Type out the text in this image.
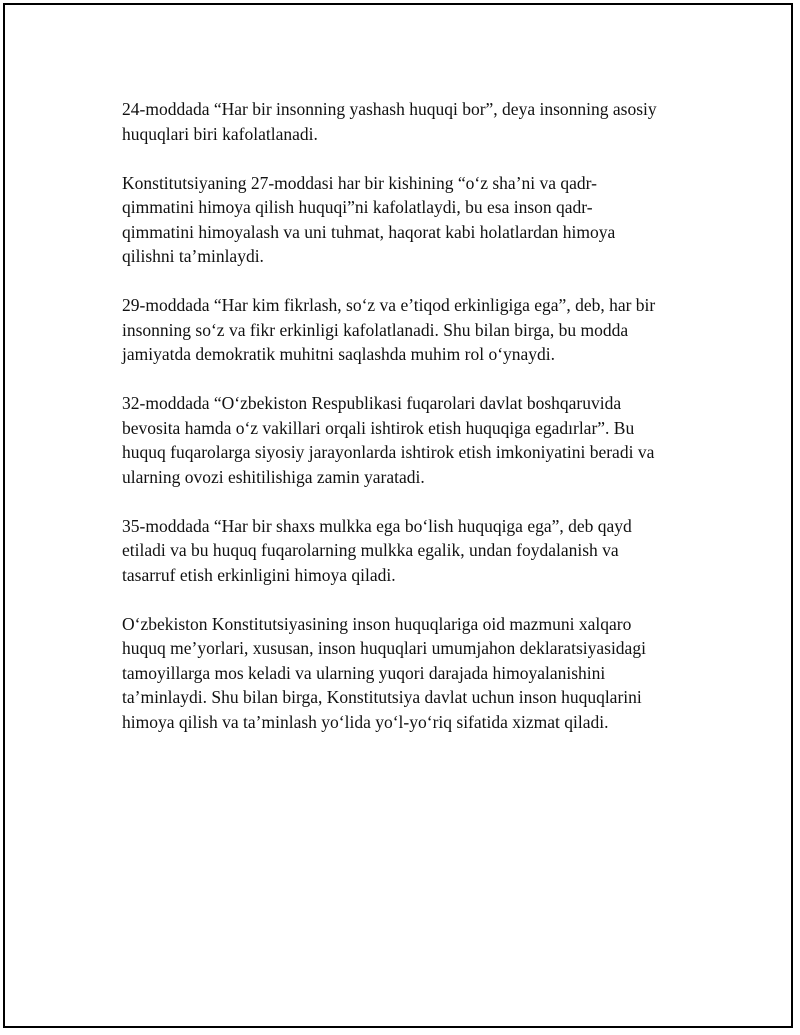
24-moddada “Har bir insonning yashash huquqi bor”, deya insonning asosiy
huquqlari biri kafolatlanadi.

Konstitutsiyaning 27-moddasi har bir kishining “o‘z sha’ni va qadr-
qimmatini himoya qilish huquqi”ni kafolatlaydi, bu esa inson qadr-
qimmatini himoyalash va uni tuhmat, haqorat kabi holatlardan himoya
qilishni ta’minlaydi.

29-moddada “Har kim fikrlash, so‘z va e’tiqod erkinligiga ega”, deb, har bir
insonning so‘z va fikr erkinligi kafolatlanadi. Shu bilan birga, bu modda
jamiyatda demokratik muhitni saqlashda muhim rol o‘ynaydi.

32-moddada “O‘zbekiston Respublikasi fuqarolari davlat boshqaruvida
bevosita hamda o‘z vakillari orqali ishtirok etish huquqiga egadırlar”. Bu
huquq fuqarolarga siyosiy jarayonlarda ishtirok etish imkoniyatini beradi va
ularning ovozi eshitilishiga zamin yaratadi.

35-moddada “Har bir shaxs mulkka ega bo‘lish huquqiga ega”, deb qayd
etiladi va bu huquq fuqarolarning mulkka egalik, undan foydalanish va
tasarruf etish erkinligini himoya qiladi.

O‘zbekiston Konstitutsiyasining inson huquqlariga oid mazmuni xalqaro
huquq me’yorlari, xususan, inson huquqlari umumjahon deklaratsiyasidagi
tamoyillarga mos keladi va ularning yuqori darajada himoyalanishini
ta’minlaydi. Shu bilan birga, Konstitutsiya davlat uchun inson huquqlarini
himoya qilish va ta’minlash yo‘lida yo‘l-yo‘riq sifatida xizmat qiladi.
